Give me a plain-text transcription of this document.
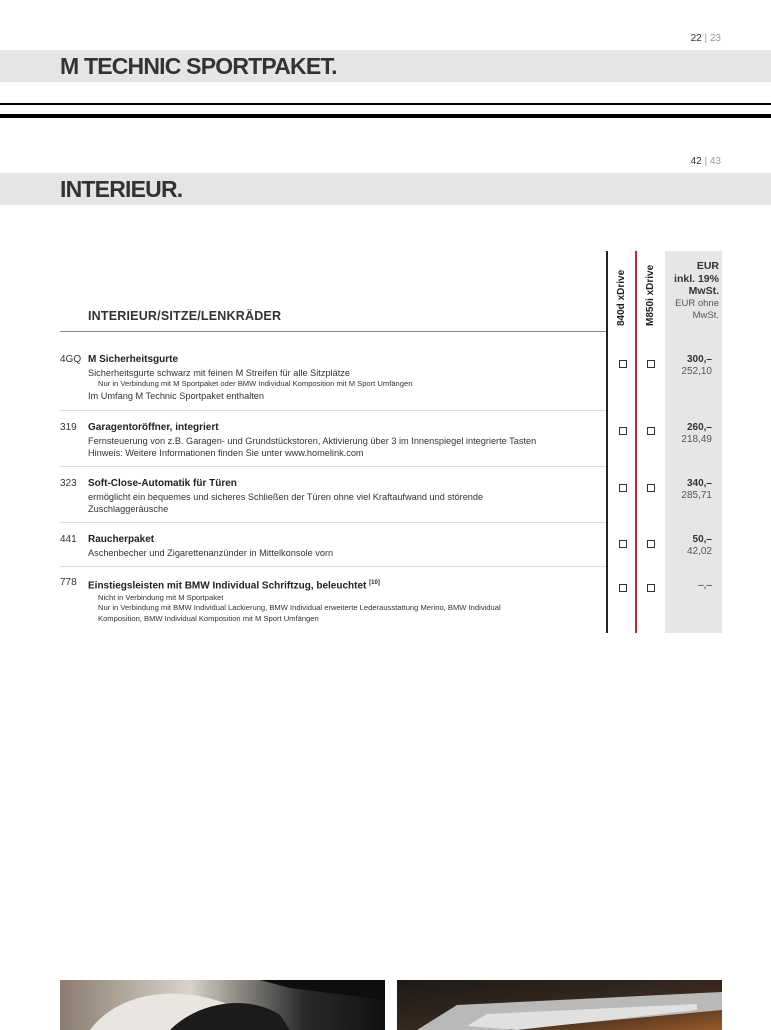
22 | 23
M TECHNIC SPORTPAKET.
42 | 43
INTERIEUR.
840d xDrive M850i xDrive	EUR
inkl. 19%
MwSt.
EUR ohne
MwSt.
INTERIEUR/SITZE/LENKRÄDER
4GQ M Sicherheitsgurte
Sicherheitsgurte schwarz mit feinen M Streifen für alle Sitzplätze
Nur in Verbindung mit M Sportpaket oder BMW Individual Komposition mit M Sport Umfängen
Im Umfang M Technic Sportpaket enthalten
300,–
252,10
319 Garagentoröffner, integriert
Fernsteuerung von z.B. Garagen- und Grundstückstoren, Aktivierung über 3 im Innenspiegel integrierte Tasten
Hinweis: Weitere Informationen finden Sie unter www.homelink.com
260,–
218,49
323 Soft-Close-Automatik für Türen
ermöglicht ein bequemes und sicheres Schließen der Türen ohne viel Kraftaufwand und störende
Zuschlaggeräusche
340,–
285,71
441 Raucherpaket
Aschenbecher und Zigarettenanzünder in Mittelkonsole vorn
50,–
42,02
778 Einstiegsleisten mit BMW Individual Schriftzug, beleuchtet [10]
Nicht in Verbindung mit M Sportpaket
Nur in Verbindung mit BMW Individual Lackierung, BMW Individual erweiterte Lederausstattung Merino, BMW Individual
Komposition, BMW Individual Komposition mit M Sport Umfängen
–,–
